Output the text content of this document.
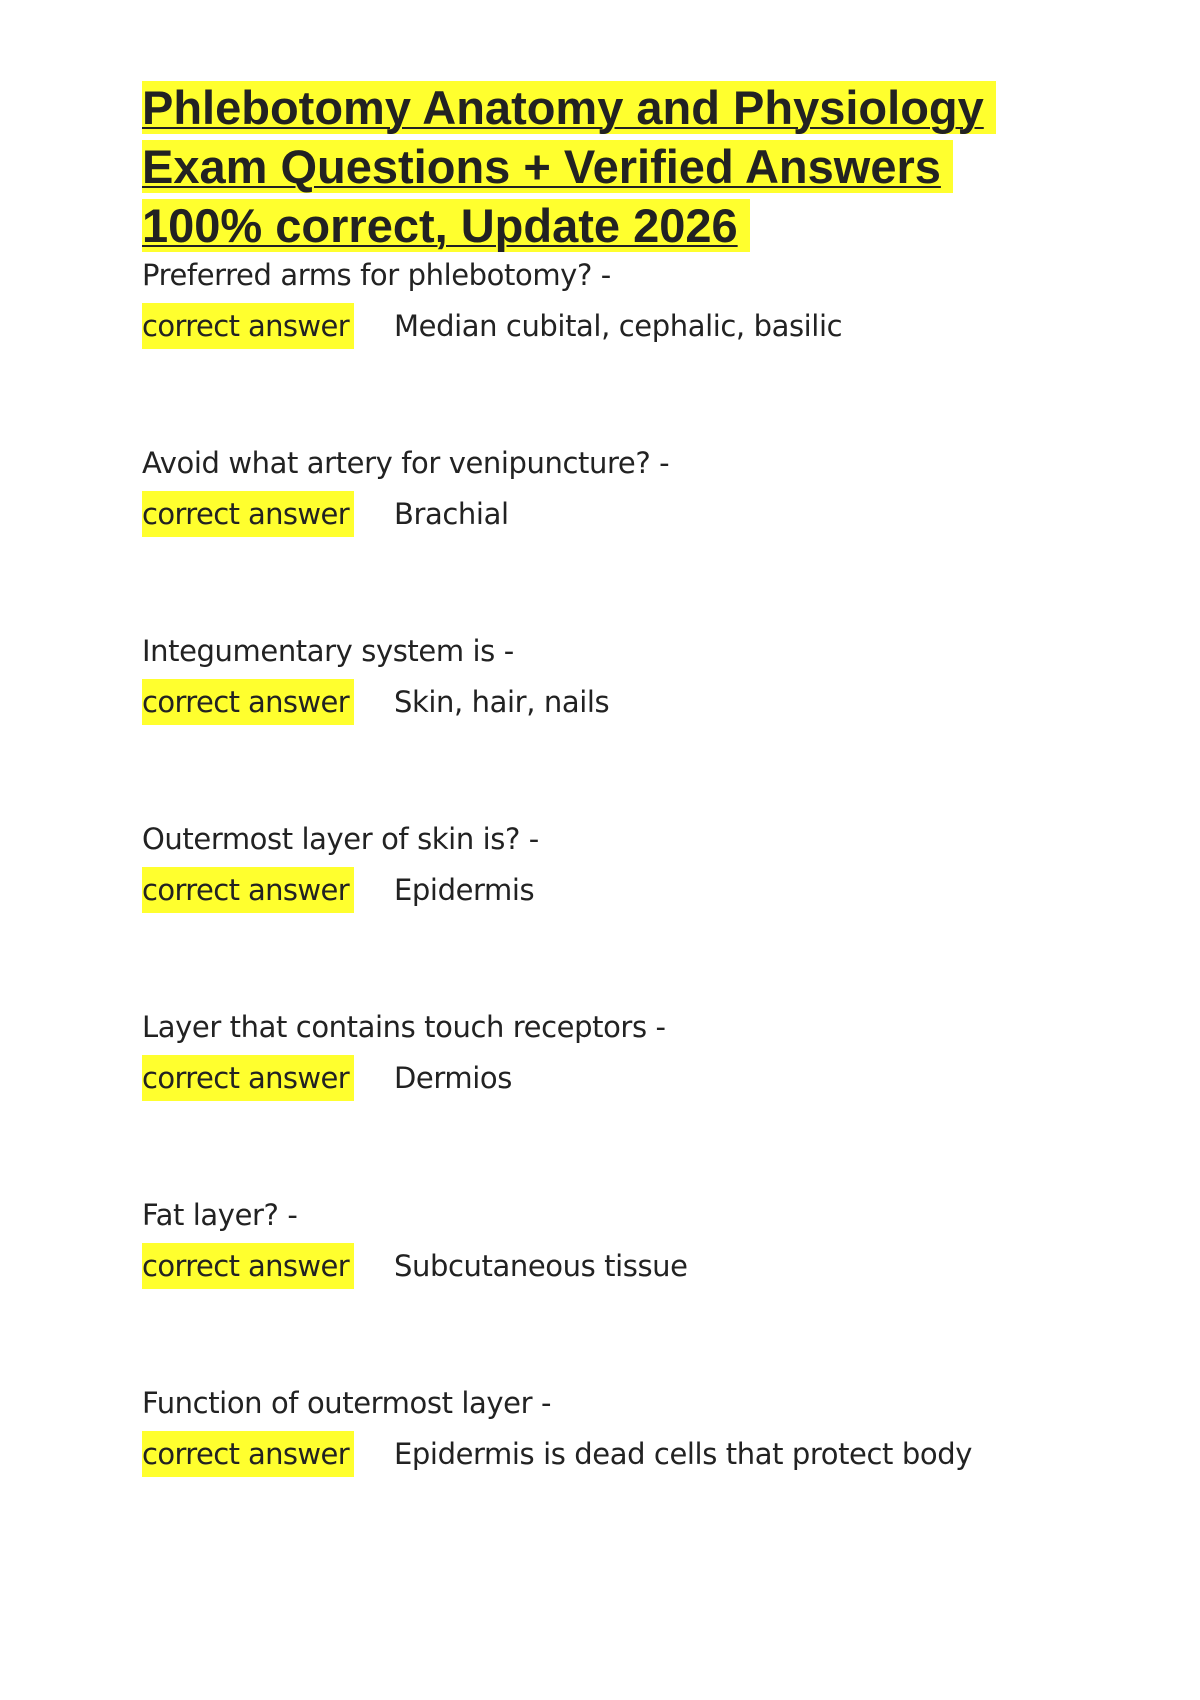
Phlebotomy Anatomy and Physiology
Exam Questions + Verified Answers
100% correct, Update 2026
Preferred arms for phlebotomy? -
correct answer Median cubital, cephalic, basilic
Avoid what artery for venipuncture? -
correct answer Brachial
Integumentary system is -
correct answer Skin, hair, nails
Outermost layer of skin is? -
correct answer Epidermis
Layer that contains touch receptors -
correct answer Dermios
Fat layer? -
correct answer Subcutaneous tissue
Function of outermost layer -
correct answer Epidermis is dead cells that protect body
